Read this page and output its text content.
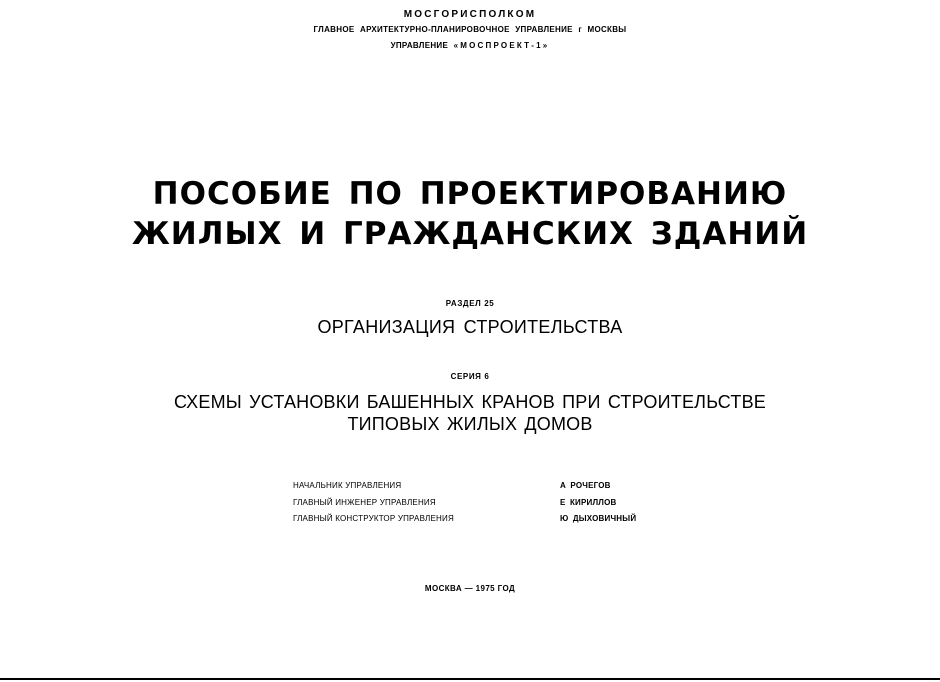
МОСГОРИСПОЛКОМ
ГЛАВНОЕ АРХИТЕКТУРНО-ПЛАНИРОВОЧНОЕ УПРАВЛЕНИЕ г МОСКВЫ
УПРАВЛЕНИЕ «МОСПРОЕКТ-1»
ПОСОБИЕ ПО ПРОЕКТИРОВАНИЮ
ЖИЛЫХ И ГРАЖДАНСКИХ ЗДАНИЙ
РАЗДЕЛ 25
ОРГАНИЗАЦИЯ СТРОИТЕЛЬСТВА
СЕРИЯ 6
СХЕМЫ УСТАНОВКИ БАШЕННЫХ КРАНОВ ПРИ СТРОИТЕЛЬСТВЕ
ТИПОВЫХ ЖИЛЫХ ДОМОВ
НАЧАЛЬНИК УПРАВЛЕНИЯ	А РОЧЕГОВ
ГЛАВНЫЙ ИНЖЕНЕР УПРАВЛЕНИЯ	Е КИРИЛЛОВ
ГЛАВНЫЙ КОНСТРУКТОР УПРАВЛЕНИЯ	Ю ДЫХОВИЧНЫЙ
МОСКВА — 1975 ГОД
